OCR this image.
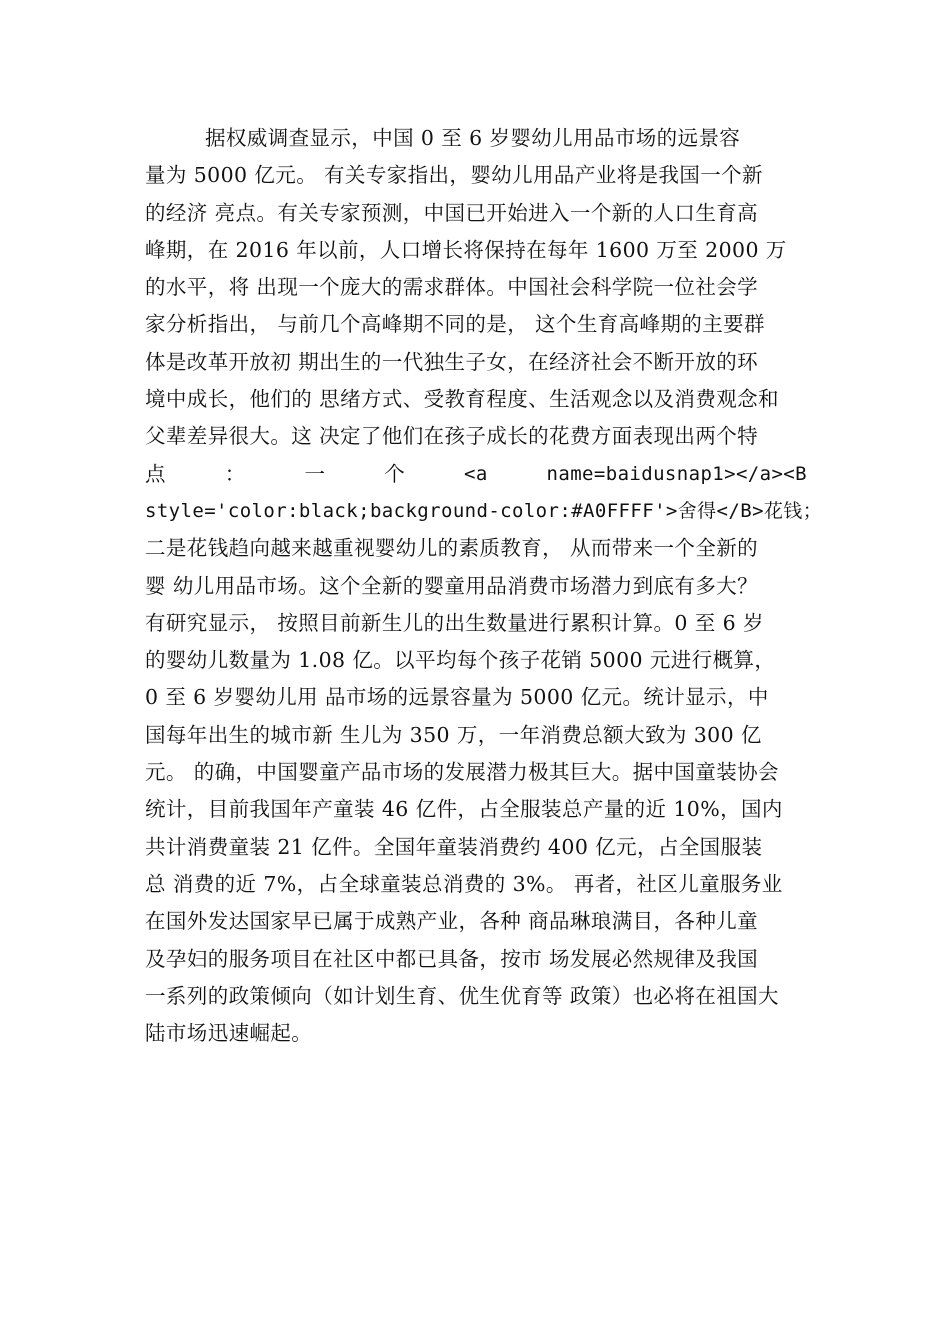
据权威调查显示，中国 0 至 6 岁婴幼儿用品市场的远景容
量为 5000 亿元。 有关专家指出，婴幼儿用品产业将是我国一个新
的经济 亮点。有关专家预测，中国已开始进入一个新的人口生育高
峰期，在 2016 年以前，人口增长将保持在每年 1600 万至 2000 万
的水平，将 出现一个庞大的需求群体。中国社会科学院一位社会学
家分析指出， 与前几个高峰期不同的是， 这个生育高峰期的主要群
体是改革开放初 期出生的一代独生子女，在经济社会不断开放的环
境中成长，他们的 思绪方式、受教育程度、生活观念以及消费观念和
父辈差异很大。这 决定了他们在孩子成长的花费方面表现出两个特
点	：	一	个	<a	name=baidusnap1></a><B
style='color:black;background-color:#A0FFFF'>舍得</B>花钱；
二是花钱趋向越来越重视婴幼儿的素质教育， 从而带来一个全新的
婴 幼儿用品市场。这个全新的婴童用品消费市场潜力到底有多大？
有研究显示， 按照目前新生儿的出生数量进行累积计算。0 至 6 岁
的婴幼儿数量为 1.08 亿。以平均每个孩子花销 5000 元进行概算，
0 至 6 岁婴幼儿用 品市场的远景容量为 5000 亿元。统计显示，中
国每年出生的城市新 生儿为 350 万，一年消费总额大致为 300 亿
元。 的确，中国婴童产品市场的发展潜力极其巨大。据中国童装协会
统计，目前我国年产童装 46 亿件，占全服装总产量的近 10%，国内
共计消费童装 21 亿件。全国年童装消费约 400 亿元，占全国服装
总 消费的近 7%，占全球童装总消费的 3%。 再者，社区儿童服务业
在国外发达国家早已属于成熟产业，各种 商品琳琅满目，各种儿童
及孕妇的服务项目在社区中都已具备，按市 场发展必然规律及我国
一系列的政策倾向（如计划生育、优生优育等 政策）也必将在祖国大
陆市场迅速崛起。
